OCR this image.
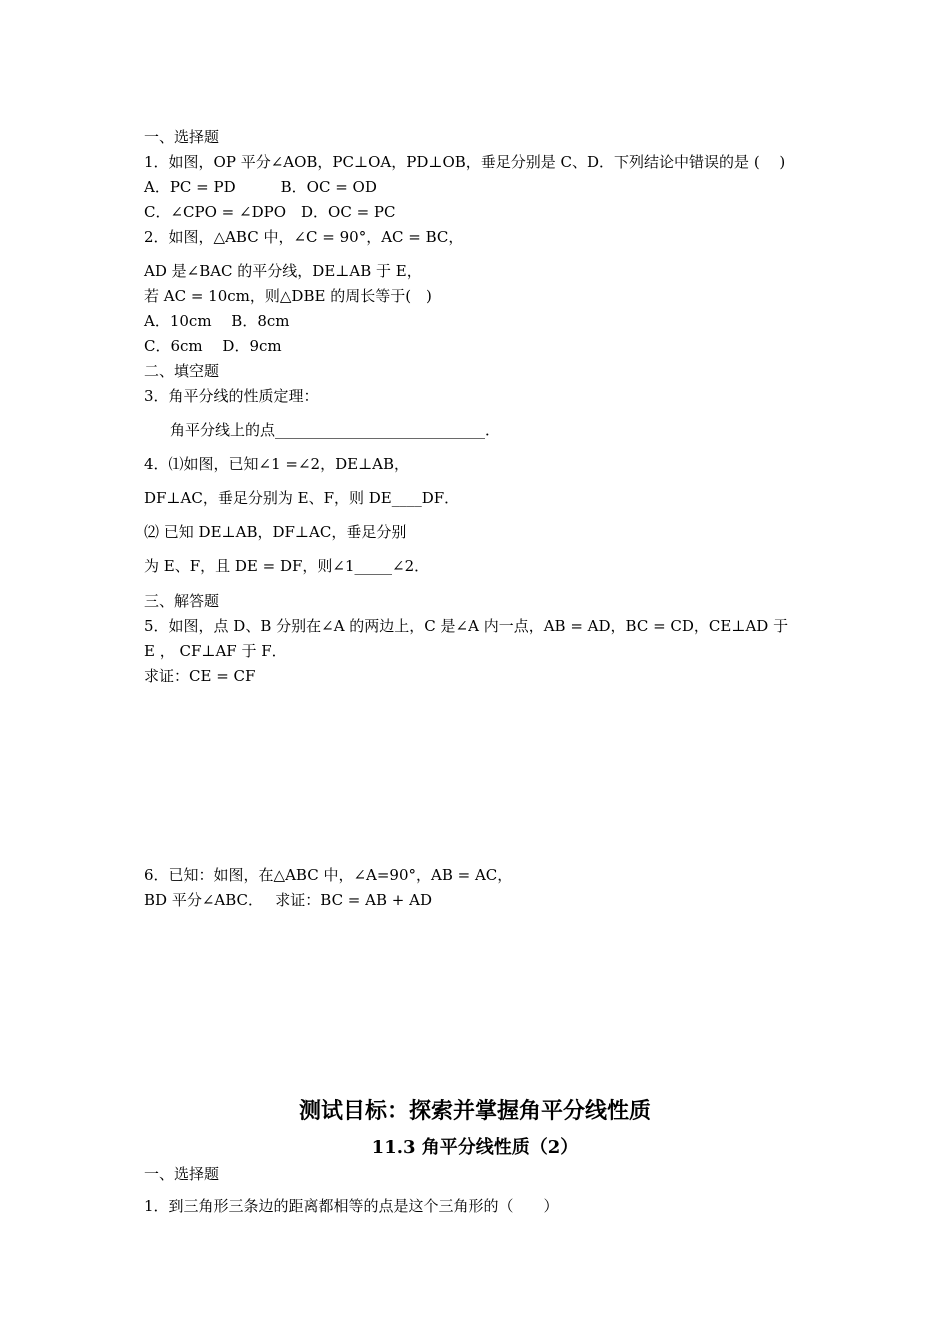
一、选择题
1．如图，OP 平分∠AOB，PC⊥OA，PD⊥OB，垂足分别是 C、D．下列结论中错误的是 (　 )
A．PC = PD　　　B．OC = OD
C．∠CPO = ∠DPO　D．OC = PC
2．如图，△ABC 中，∠C = 90°，AC = BC，
AD 是∠BAC 的平分线，DE⊥AB 于 E，
若 AC = 10cm，则△DBE 的周长等于(　)
A．10cm　 B．8cm
C．6cm　 D．9cm
二、填空题
3．角平分线的性质定理：
角平分线上的点____________________________．
4．⑴如图，已知∠1 =∠2，DE⊥AB，
DF⊥AC，垂足分别为 E、F，则 DE____DF．
⑵ 已知 DE⊥AB，DF⊥AC，垂足分别
为 E、F，且 DE = DF，则∠1_____∠2．
三、解答题
5．如图，点 D、B 分别在∠A 的两边上，C 是∠A 内一点，AB = AD，BC = CD，CE⊥AD 于
E ， CF⊥AF 于 F．
求证：CE = CF
6．已知：如图，在△ABC 中，∠A=90°，AB = AC，
BD 平分∠ABC．　 求证：BC = AB + AD
测试目标：探索并掌握角平分线性质
11.3 角平分线性质（2）
一、选择题
1．到三角形三条边的距离都相等的点是这个三角形的（　　）
